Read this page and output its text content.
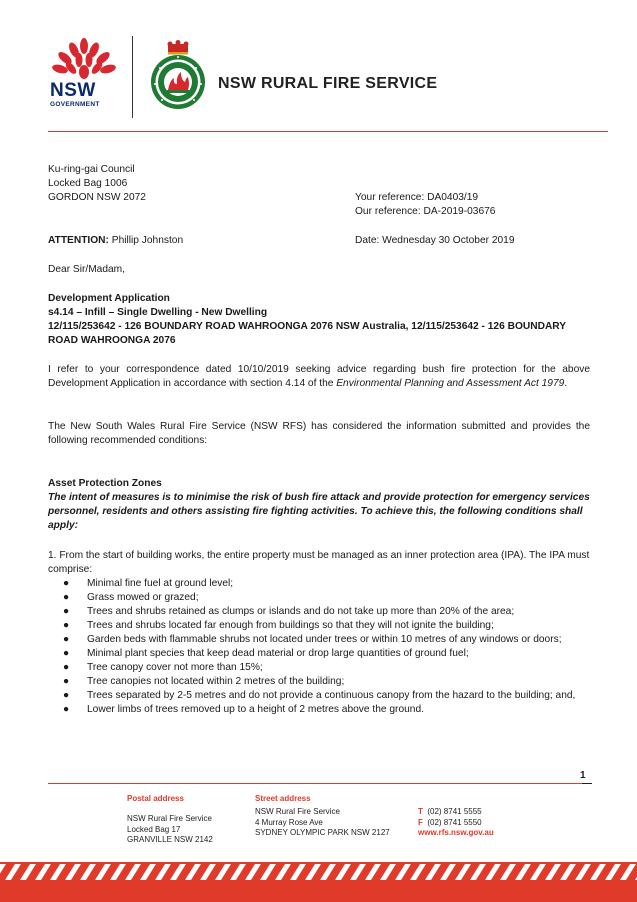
NSW
GOVERNMENT
NSW RURAL FIRE SERVICE
Ku-ring-gai Council
Locked Bag 1006
GORDON NSW 2072	Your reference: DA0403/19
Our reference: DA-2019-03676
ATTENTION: Phillip Johnston	Date: Wednesday 30 October 2019
Dear Sir/Madam,
Development Application
s4.14 – Infill – Single Dwelling - New Dwelling
12/115/253642 - 126 BOUNDARY ROAD WAHROONGA 2076 NSW Australia, 12/115/253642 - 126 BOUNDARY ROAD WAHROONGA 2076
I refer to your correspondence dated 10/10/2019 seeking advice regarding bush fire protection for the above Development Application in accordance with section 4.14 of the Environmental Planning and Assessment Act 1979.
The New South Wales Rural Fire Service (NSW RFS) has considered the information submitted and provides the following recommended conditions:
Asset Protection Zones
The intent of measures is to minimise the risk of bush fire attack and provide protection for emergency services personnel, residents and others assisting fire fighting activities. To achieve this, the following conditions shall apply:
1. From the start of building works, the entire property must be managed as an inner protection area (IPA). The IPA must comprise:
● Minimal fine fuel at ground level;
● Grass mowed or grazed;
● Trees and shrubs retained as clumps or islands and do not take up more than 20% of the area;
● Trees and shrubs located far enough from buildings so that they will not ignite the building;
● Garden beds with flammable shrubs not located under trees or within 10 metres of any windows or doors;
● Minimal plant species that keep dead material or drop large quantities of ground fuel;
● Tree canopy cover not more than 15%;
● Tree canopies not located within 2 metres of the building;
● Trees separated by 2-5 metres and do not provide a continuous canopy from the hazard to the building; and,
● Lower limbs of trees removed up to a height of 2 metres above the ground.
1
Postal address
NSW Rural Fire Service
Locked Bag 17
GRANVILLE NSW 2142
Street address
NSW Rural Fire Service
4 Murray Rose Ave
SYDNEY OLYMPIC PARK NSW 2127
T (02) 8741 5555
F (02) 8741 5550
www.rfs.nsw.gov.au
